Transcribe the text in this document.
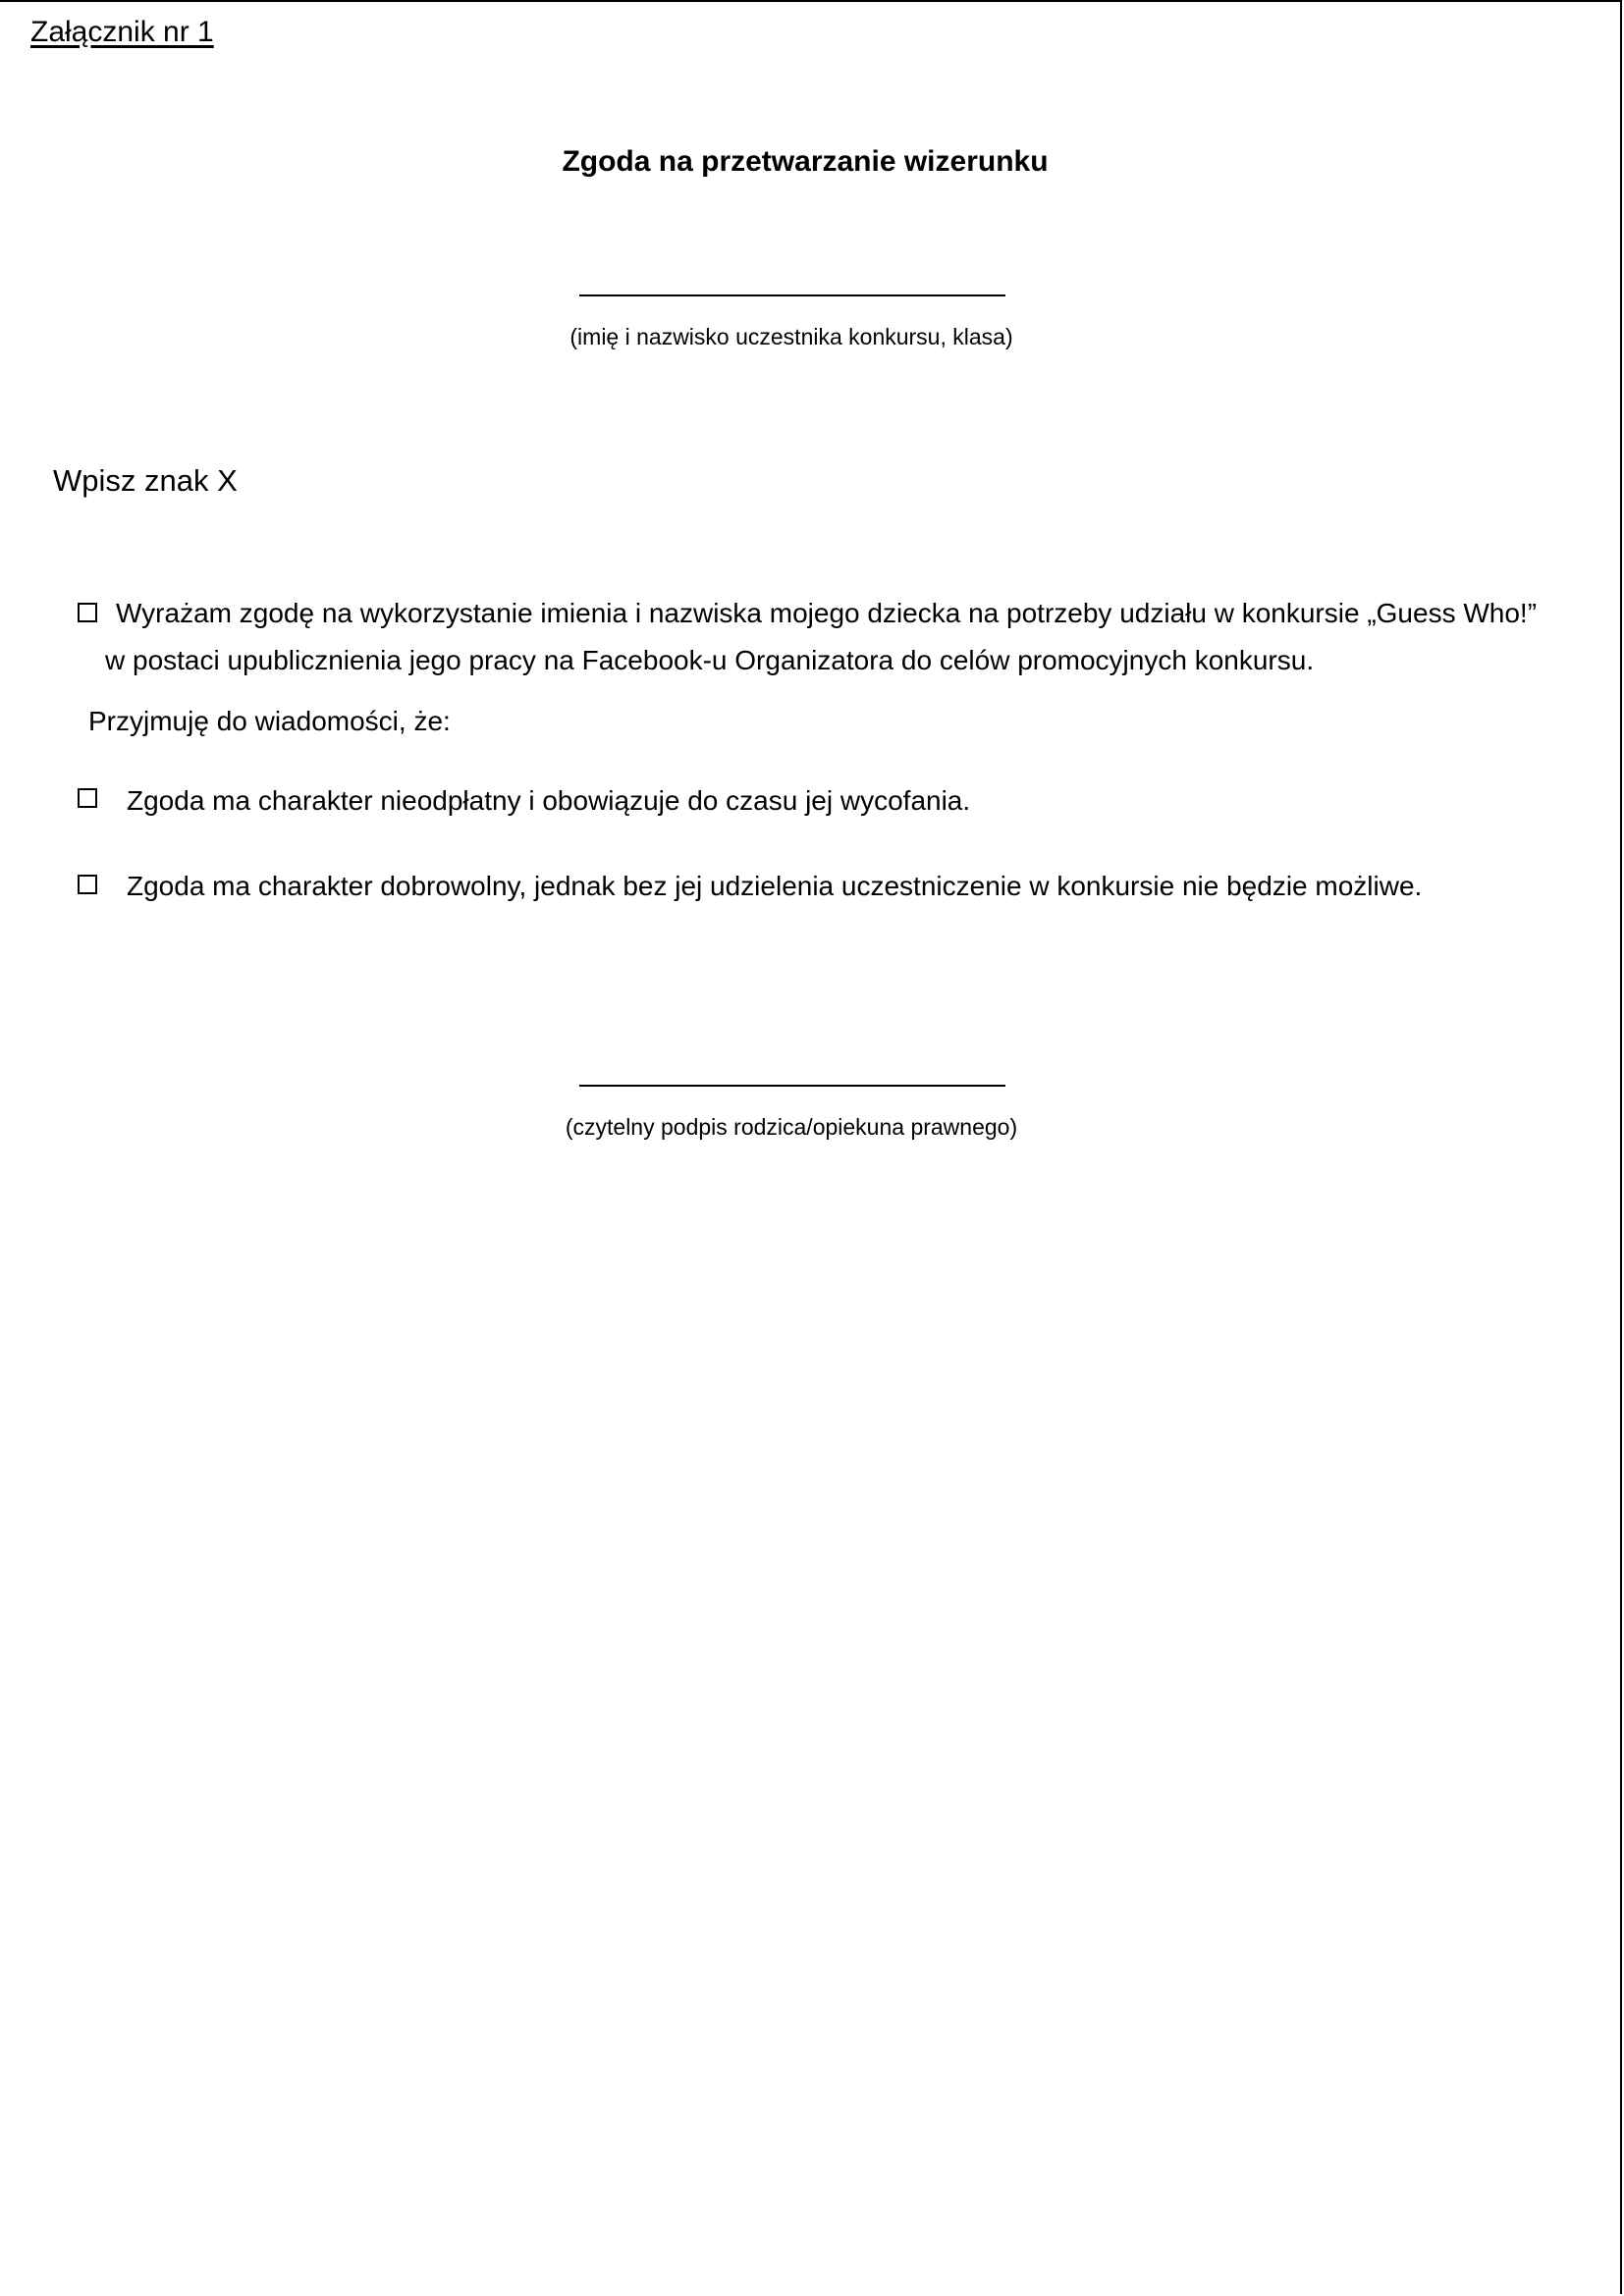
Załącznik nr 1
Zgoda na przetwarzanie wizerunku
(imię i nazwisko uczestnika konkursu, klasa)
Wpisz znak X
Wyrażam zgodę na wykorzystanie imienia i nazwiska mojego dziecka na potrzeby udziału w konkursie „Guess Who!”
w postaci upublicznienia jego pracy na Facebook-u Organizatora do celów promocyjnych konkursu.
Przyjmuję do wiadomości, że:
Zgoda ma charakter nieodpłatny i obowiązuje do czasu jej wycofania.
Zgoda ma charakter dobrowolny, jednak bez jej udzielenia uczestniczenie w konkursie nie będzie możliwe.
(czytelny podpis rodzica/opiekuna prawnego)
